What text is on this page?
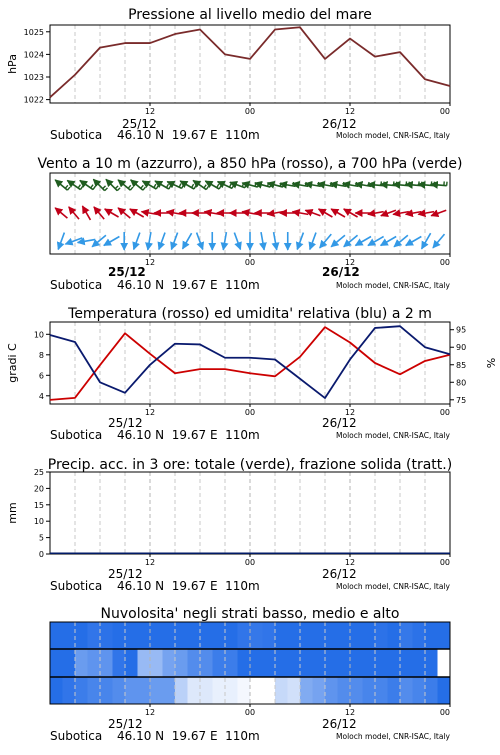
Pressione al livello medio del mare
1022
1023
1024
1025
hPa
12	00	12	00
25/12	26/12
Subotica 46.10 N  19.67 E  110m	Moloch model, CNR-ISAC, Italy
Vento a 10 m (azzurro), a 850 hPa (rosso), a 700 hPa (verde)
12	00	12	00
25/12	26/12
Subotica 46.10 N  19.67 E  110m	Moloch model, CNR-ISAC, Italy
Temperatura (rosso) ed umidita' relativa (blu) a 2 m
4
6
8
10
75
80
85
90
95
gradi C	%
12	00	12	00
25/12	26/12
Subotica 46.10 N  19.67 E  110m	Moloch model, CNR-ISAC, Italy
Precip. acc. in 3 ore: totale (verde), frazione solida (tratt.)
0
5
10
15
20
25
mm
12	00	12	00
25/12	26/12
Subotica 46.10 N  19.67 E  110m	Moloch model, CNR-ISAC, Italy
Nuvolosita' negli strati basso, medio e alto
12	00	12	00
25/12	26/12
Subotica 46.10 N  19.67 E  110m	Moloch model, CNR-ISAC, Italy
